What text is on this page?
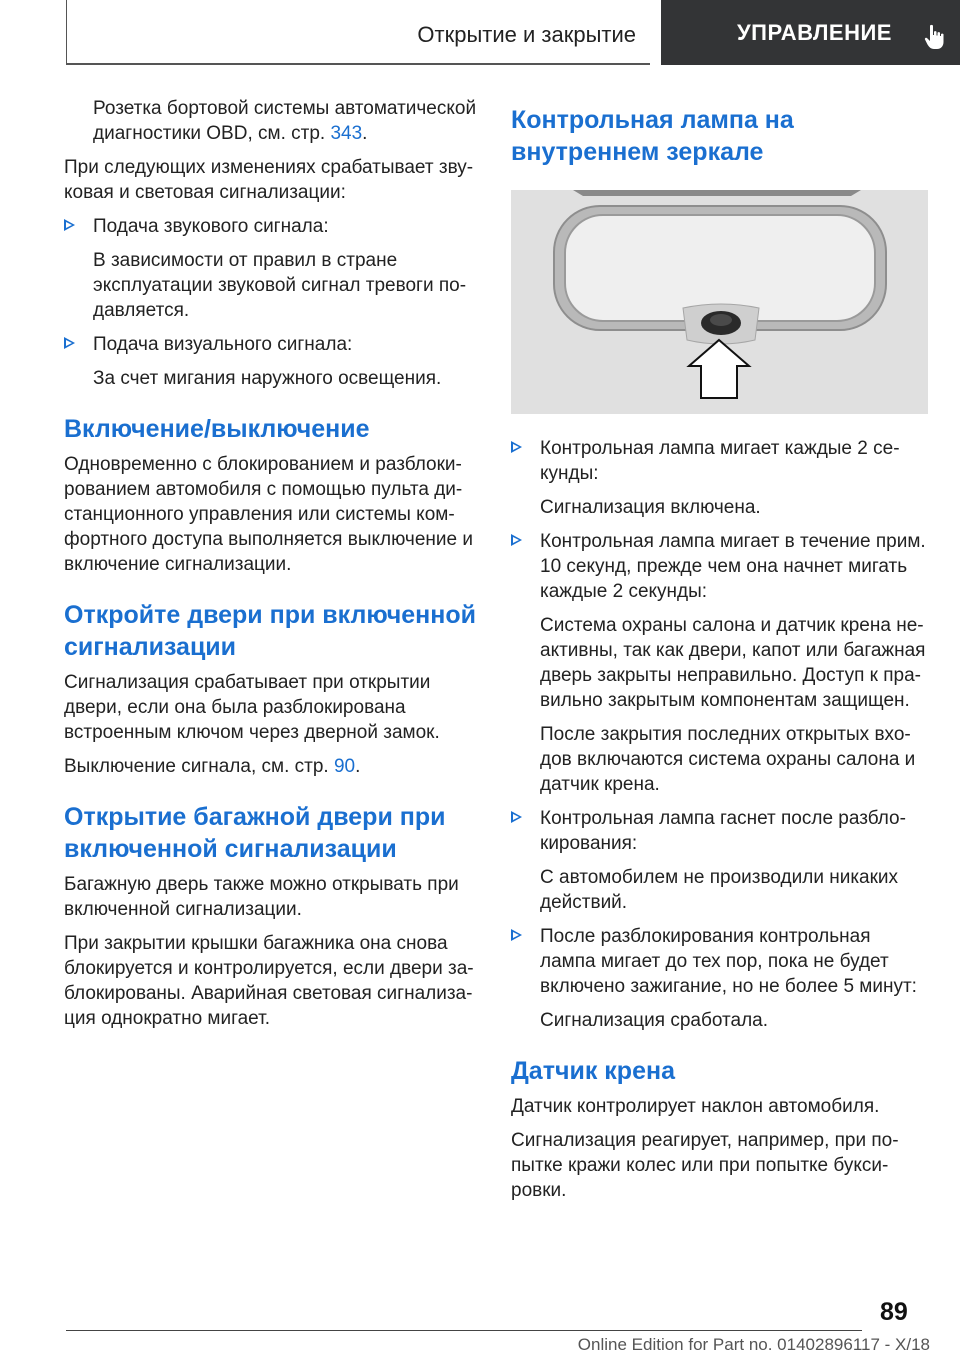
Открытие и закрытие	УПРАВЛЕНИЕ

Розетка бортовой системы автоматической диагностики OBD, см. стр. 343.

При следующих изменениях срабатывает зву-ковая и световая сигнализации:

Подача звукового сигнала:

В зависимости от правил в стране эксплуатации звуковой сигнал тревоги по-давляется.

Подача визуального сигнала:

За счет мигания наружного освещения.

Включение/выключение

Одновременно с блокированием и разблоки-рованием автомобиля с помощью пульта ди-станционного управления или системы ком-фортного доступа выполняется выключение и включение сигнализации.

Откройте двери при включенной сигнализации

Сигнализация срабатывает при открытии двери, если она была разблокирована встроенным ключом через дверной замок.

Выключение сигнала, см. стр. 90.

Открытие багажной двери при включенной сигнализации

Багажную дверь также можно открывать при включенной сигнализации.

При закрытии крышки багажника она снова блокируется и контролируется, если двери за-блокированы. Аварийная световая сигнализа-ция однократно мигает.

Контрольная лампа на внутреннем зеркале
Контрольная лампа мигает каждые 2 се-кунды:

Сигнализация включена.

Контрольная лампа мигает в течение прим. 10 секунд, прежде чем она начнет мигать каждые 2 секунды:

Система охраны салона и датчик крена не-активны, так как двери, капот или багажная дверь закрыты неправильно. Доступ к пра-вильно закрытым компонентам защищен.

После закрытия последних открытых вхо-дов включаются система охраны салона и датчик крена.

Контрольная лампа гаснет после разбло-кирования:

С автомобилем не производили никаких действий.

После разблокирования контрольная лампа мигает до тех пор, пока не будет включено зажигание, но не более 5 минут:

Сигнализация сработала.

Датчик крена

Датчик контролирует наклон автомобиля.

Сигнализация реагирует, например, при по-пытке кражи колес или при попытке букси-ровки.

89
Online Edition for Part no. 01402896117 - X/18
